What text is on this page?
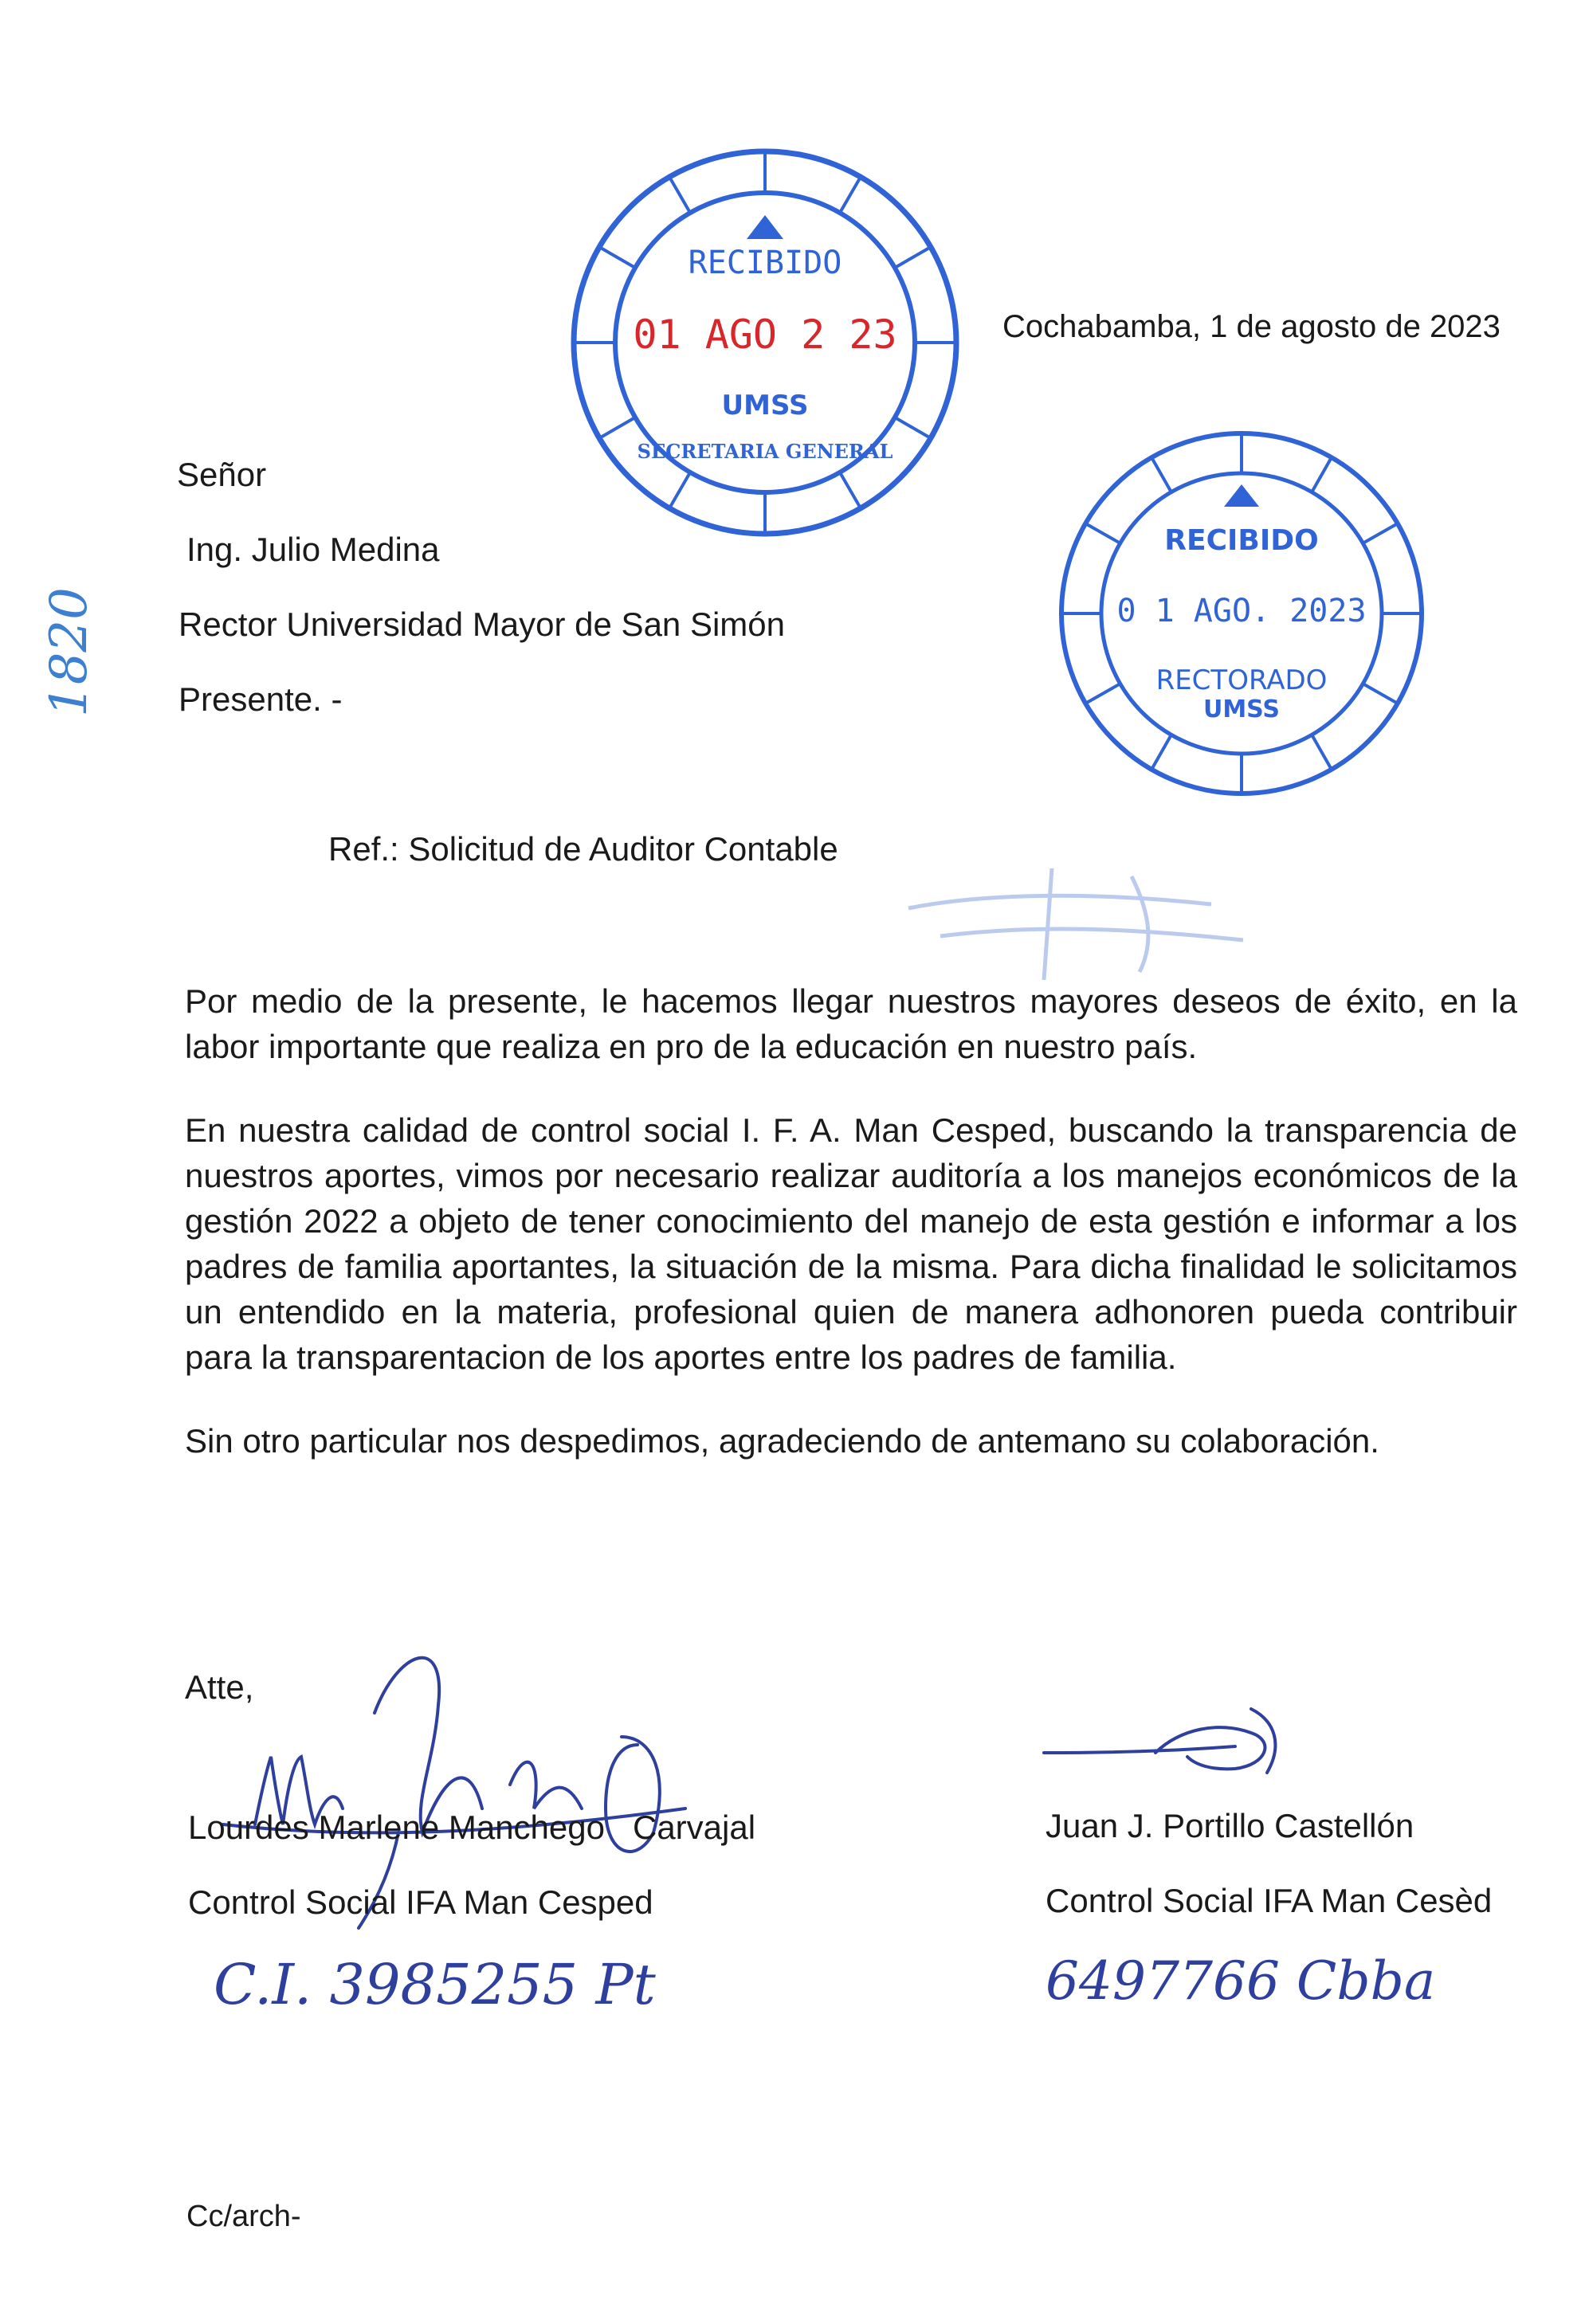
1820
RECIBIDO
01 AGO 2 23
UMSS
SECRETARIA GENERAL
RECIBIDO
0 1 AGO. 2023
RECTORADO
UMSS
Cochabamba, 1 de agosto de 2023
Señor
Ing. Julio Medina
Rector Universidad Mayor de San Simón
Presente. -
Ref.: Solicitud de Auditor Contable
Por medio de la presente, le hacemos llegar nuestros mayores deseos de éxito, en la labor importante que realiza en pro de la educación en nuestro país.
En nuestra calidad de control social I. F. A. Man Cesped, buscando la transparencia de nuestros aportes, vimos por necesario realizar auditoría a los manejos económicos de la gestión 2022 a objeto de tener conocimiento del manejo de esta gestión e informar a los padres de familia aportantes, la situación de la misma. Para dicha finalidad le solicitamos un entendido en la materia, profesional quien de manera adhonoren pueda contribuir para la transparentacion de los aportes entre los padres de familia.
Sin otro particular nos despedimos, agradeciendo de antemano su colaboración.
Atte,
Lourdes Marlene Manchego   Carvajal
Control Social IFA Man Cesped
C.I. 3985255 Pt
Juan J. Portillo Castellón
Control Social IFA Man Cesèd
6497766 Cbba
Cc/arch-
